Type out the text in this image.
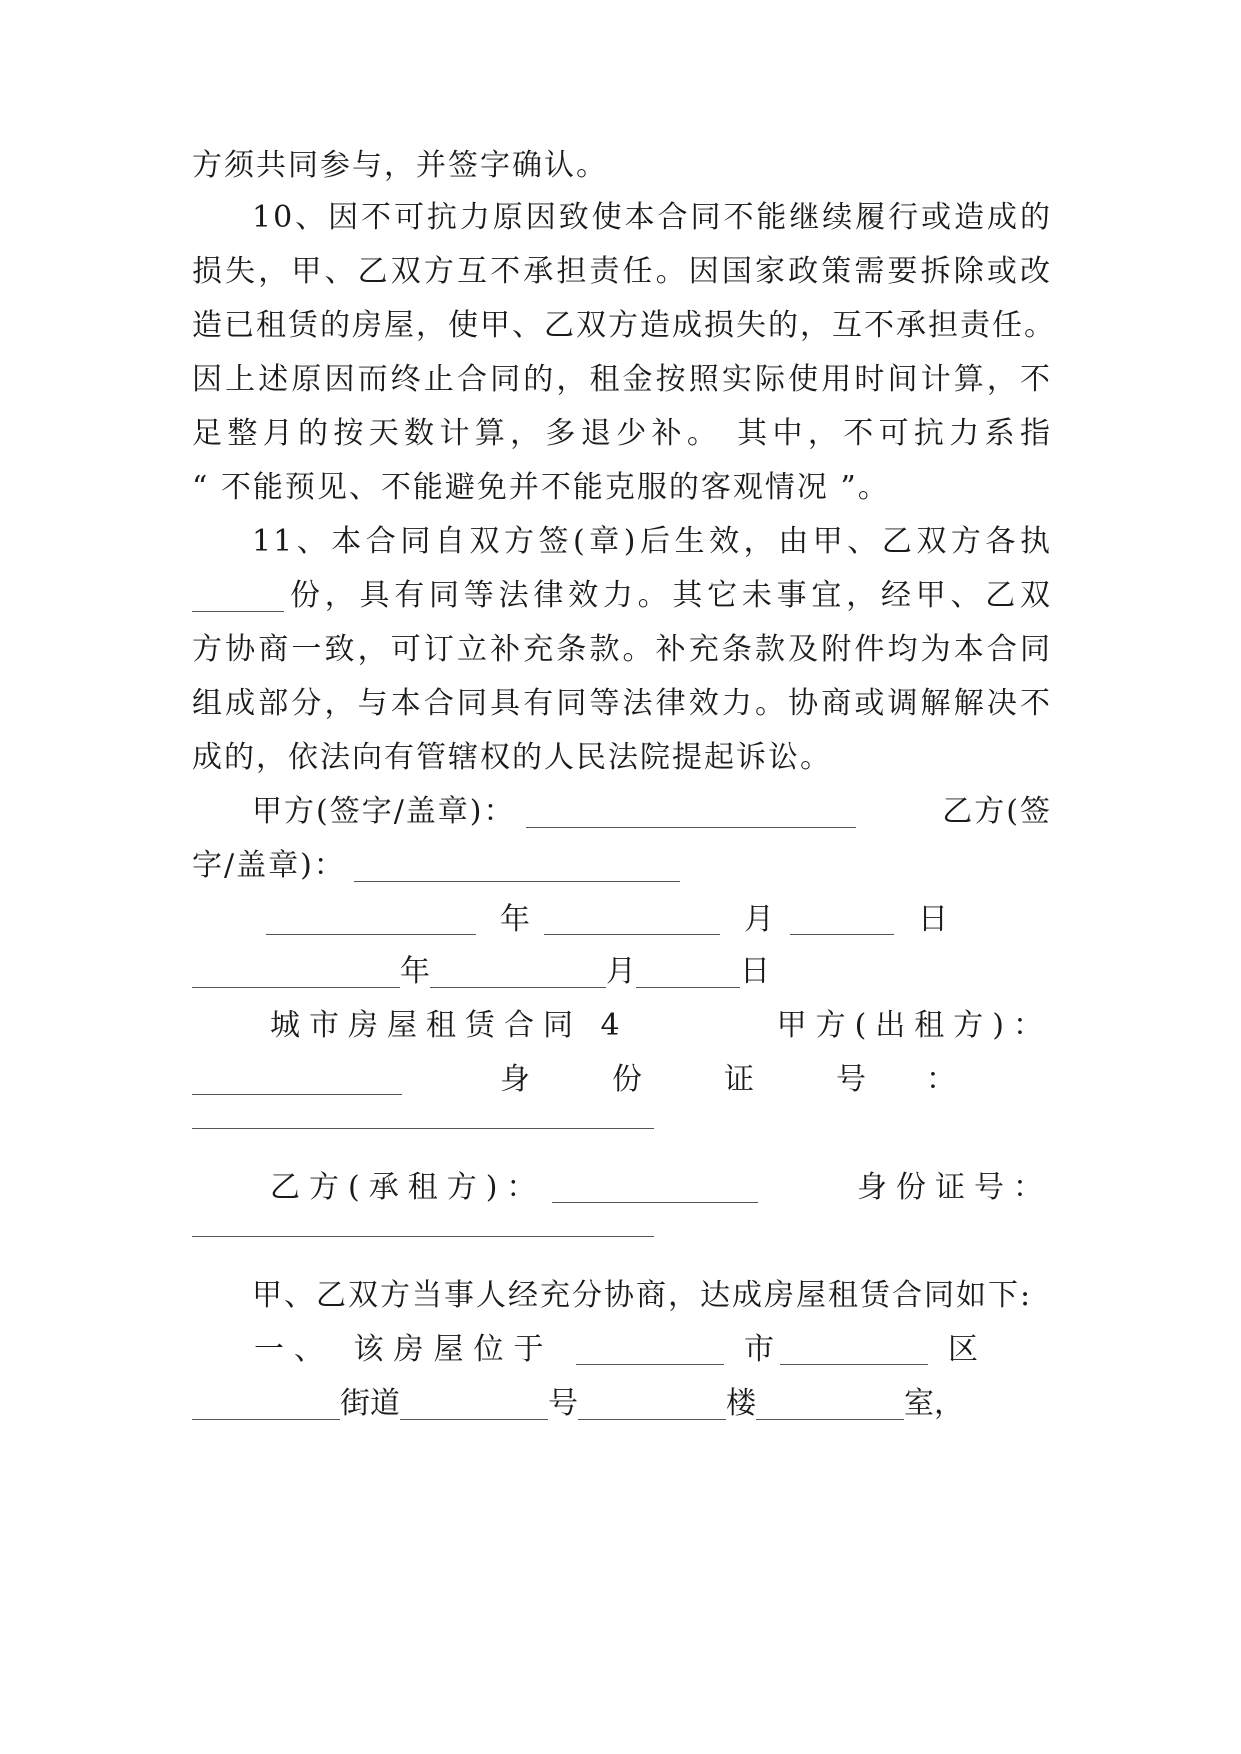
方须共同参与，并签字确认。
10、因不可抗力原因致使本合同不能继续履行或造成的
损失，甲、乙双方互不承担责任。因国家政策需要拆除或改
造已租赁的房屋，使甲、乙双方造成损失的，互不承担责任。
因上述原因而终止合同的，租金按照实际使用时间计算，不
足整月的按天数计算，多退少补。 其中，不可抗力系指
“ 不能预见、不能避免并不能克服的客观情况 ”。
11、本合同自双方签(章)后生效，由甲、乙双方各执
份，具有同等法律效力。其它未事宜，经甲、乙双
方协商一致，可订立补充条款。补充条款及附件均为本合同
组成部分，与本合同具有同等法律效力。协商或调解解决不
成的，依法向有管辖权的人民法院提起诉讼。
甲方(签字/盖章)：	乙方(签
字/盖章)：
年	月	日
年	月	日
城市房屋租赁合同 4	甲方(出租方)：
身	份	证	号 ：
乙方(承租方)：	身份证号：
甲、乙双方当事人经充分协商，达成房屋租赁合同如下:
一、 该房屋位于	市	区
街道	号	楼	室，
